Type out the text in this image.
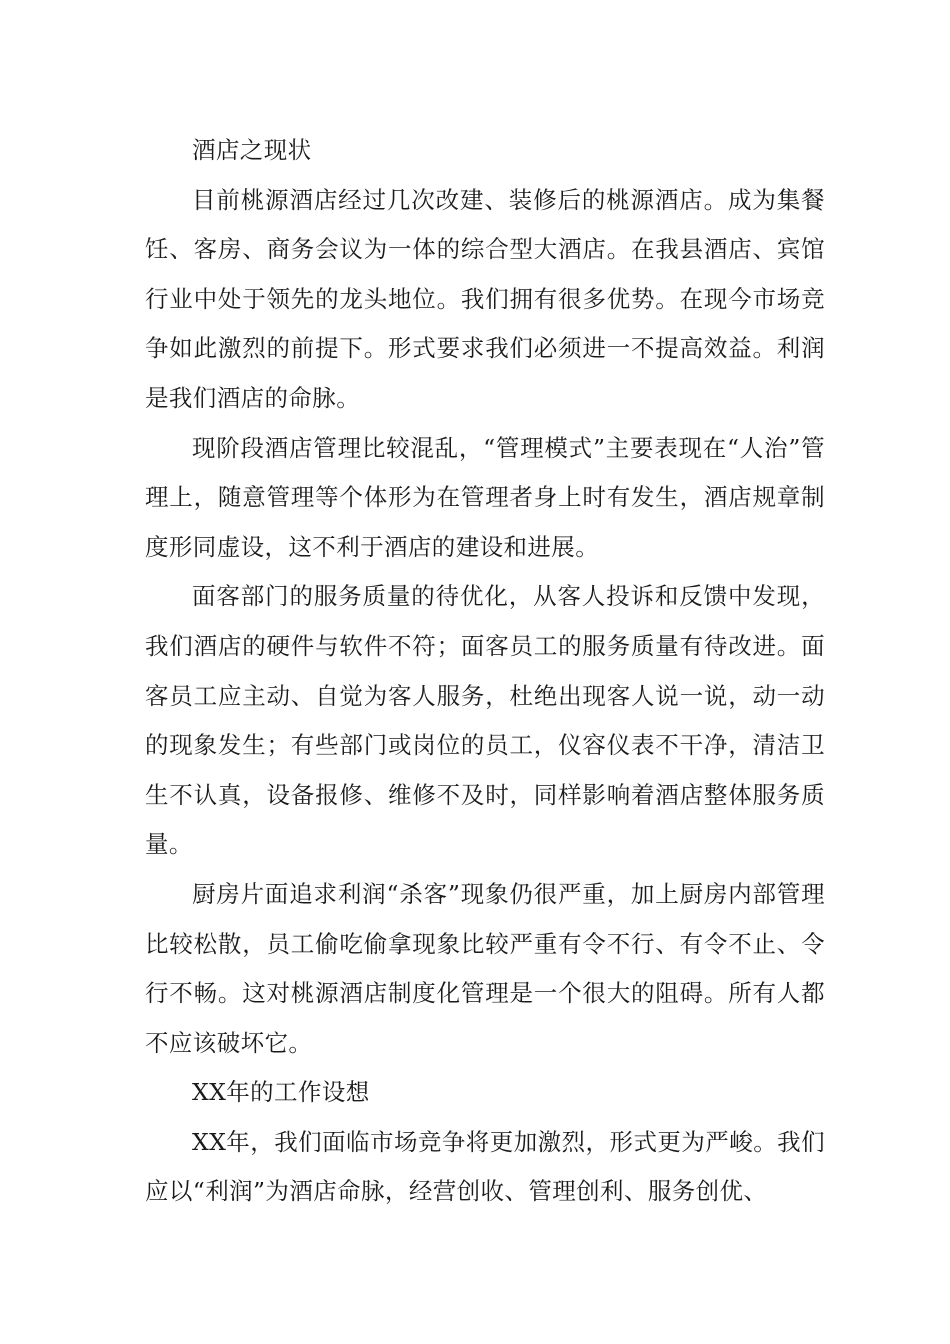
酒店之现状

目前桃源酒店经过几次改建、装修后的桃源酒店。成为集餐饪、客房、商务会议为一体的综合型大酒店。在我县酒店、宾馆行业中处于领先的龙头地位。我们拥有很多优势。在现今市场竞争如此激烈的前提下。形式要求我们必须进一不提高效益。利润是我们酒店的命脉。

现阶段酒店管理比较混乱，“管理模式”主要表现在“人治”管理上，随意管理等个体形为在管理者身上时有发生，酒店规章制度形同虚设，这不利于酒店的建设和进展。

面客部门的服务质量的待优化，从客人投诉和反馈中发现，我们酒店的硬件与软件不符；面客员工的服务质量有待改进。面客员工应主动、自觉为客人服务，杜绝出现客人说一说，动一动的现象发生；有些部门或岗位的员工，仪容仪表不干净，清洁卫生不认真，设备报修、维修不及时，同样影响着酒店整体服务质量。

厨房片面追求利润“杀客”现象仍很严重，加上厨房内部管理比较松散，员工偷吃偷拿现象比较严重有令不行、有令不止、令行不畅。这对桃源酒店制度化管理是一个很大的阻碍。所有人都不应该破坏它。

XX年的工作设想

XX年，我们面临市场竞争将更加激烈，形式更为严峻。我们应以“利润”为酒店命脉，经营创收、管理创利、服务创优、
